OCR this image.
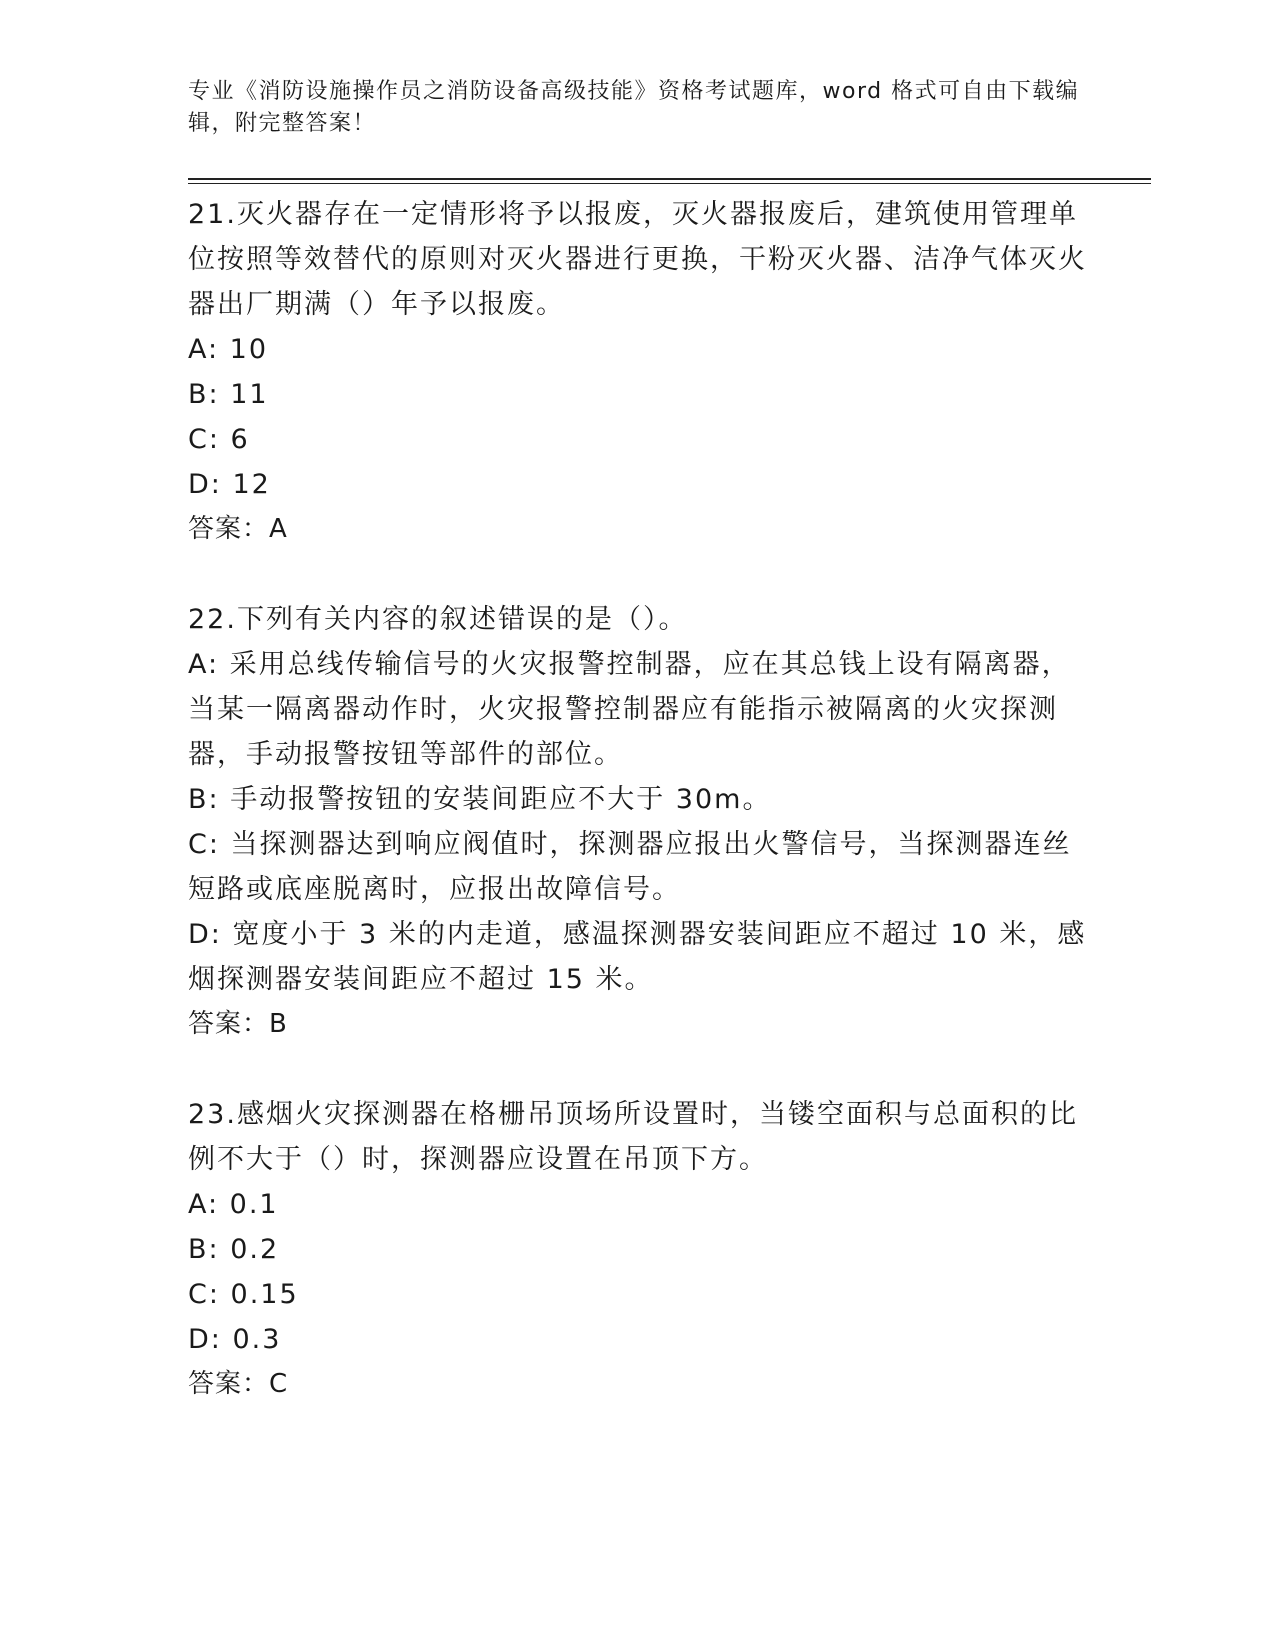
专业《消防设施操作员之消防设备高级技能》资格考试题库，word 格式可自由下载编辑，附完整答案！

21.灭火器存在一定情形将予以报废，灭火器报废后，建筑使用管理单位按照等效替代的原则对灭火器进行更换，干粉灭火器、洁净气体灭火器出厂期满（）年予以报废。

A: 10

B: 11

C: 6

D: 12

答案：A

22.下列有关内容的叙述错误的是（）。

A: 采用总线传输信号的火灾报警控制器，应在其总钱上设有隔离器，当某一隔离器动作时，火灾报警控制器应有能指示被隔离的火灾探测器，手动报警按钮等部件的部位。

B: 手动报警按钮的安装间距应不大于 30m。

C: 当探测器达到响应阀值时，探测器应报出火警信号，当探测器连丝短路或底座脱离时，应报出故障信号。

D: 宽度小于 3 米的内走道，感温探测器安装间距应不超过 10 米，感烟探测器安装间距应不超过 15 米。

答案：B

23.感烟火灾探测器在格栅吊顶场所设置时，当镂空面积与总面积的比例不大于（）时，探测器应设置在吊顶下方。

A: 0.1

B: 0.2

C: 0.15

D: 0.3

答案：C
